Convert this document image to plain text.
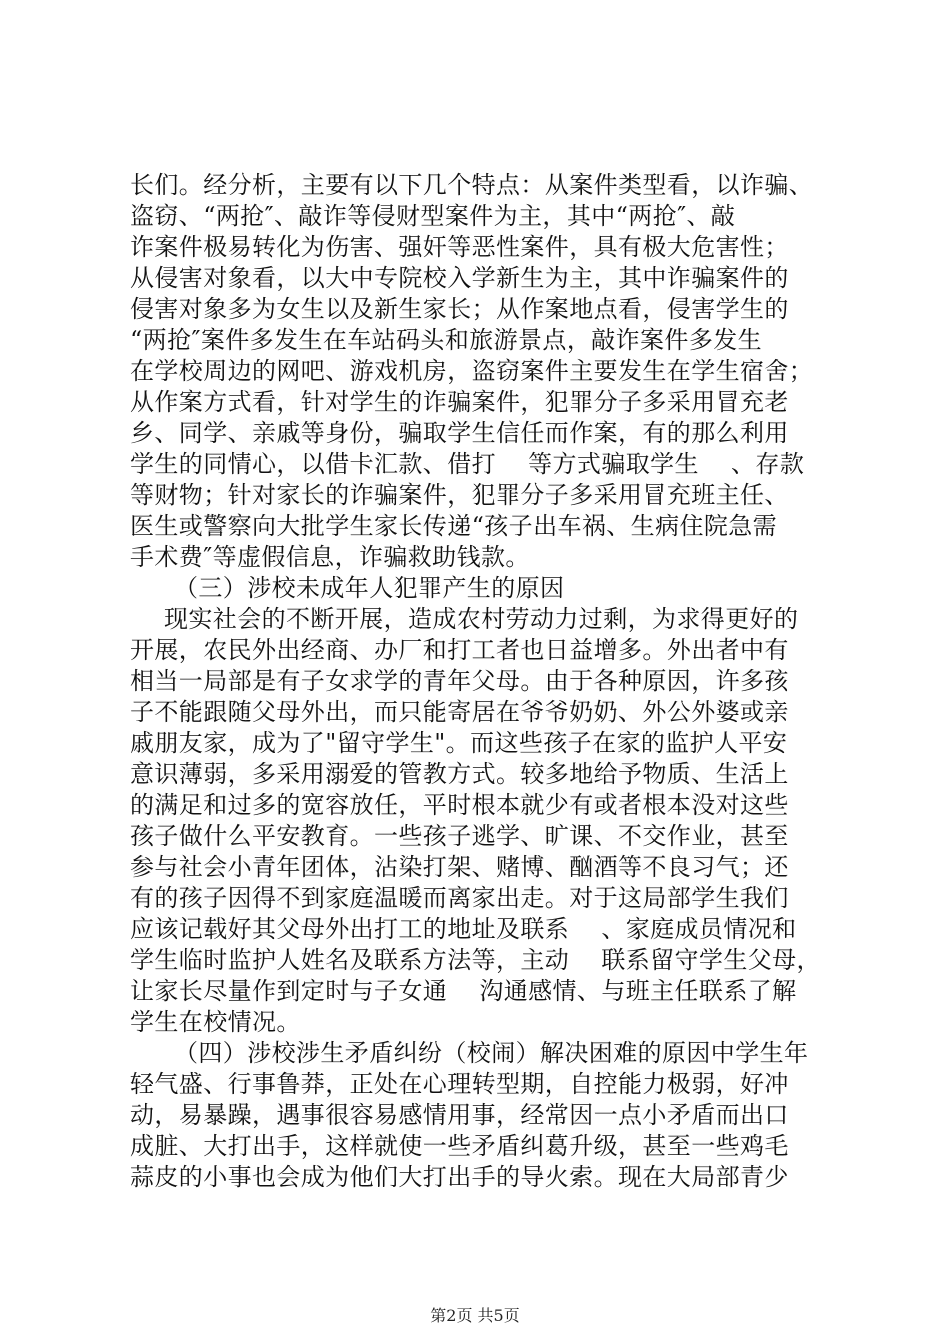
长们。经分析，主要有以下几个特点：从案件类型看，以诈骗、
盗窃、“两抢″、敲诈等侵财型案件为主，其中“两抢″、敲
诈案件极易转化为伤害、强奸等恶性案件，具有极大危害性；
从侵害对象看，以大中专院校入学新生为主，其中诈骗案件的
侵害对象多为女生以及新生家长；从作案地点看，侵害学生的
“两抢″案件多发生在车站码头和旅游景点，敲诈案件多发生
在学校周边的网吧、游戏机房，盗窃案件主要发生在学生宿舍；
从作案方式看，针对学生的诈骗案件，犯罪分子多采用冒充老
乡、同学、亲戚等身份，骗取学生信任而作案，有的那么利用
学生的同情心，以借卡汇款、借打    等方式骗取学生    、存款
等财物；针对家长的诈骗案件，犯罪分子多采用冒充班主任、
医生或警察向大批学生家长传递“孩子出车祸、生病住院急需
手术费″等虚假信息，诈骗救助钱款。
（三）涉校未成年人犯罪产生的原因
现实社会的不断开展，造成农村劳动力过剩，为求得更好的
开展，农民外出经商、办厂和打工者也日益增多。外出者中有
相当一局部是有子女求学的青年父母。由于各种原因，许多孩
子不能跟随父母外出，而只能寄居在爷爷奶奶、外公外婆或亲
戚朋友家，成为了"留守学生"。而这些孩子在家的监护人平安
意识薄弱，多采用溺爱的管教方式。较多地给予物质、生活上
的满足和过多的宽容放任，平时根本就少有或者根本没对这些
孩子做什么平安教育。一些孩子逃学、旷课、不交作业，甚至
参与社会小青年团体，沾染打架、赌博、酗酒等不良习气；还
有的孩子因得不到家庭温暖而离家出走。对于这局部学生我们
应该记载好其父母外出打工的地址及联系    、家庭成员情况和
学生临时监护人姓名及联系方法等，主动    联系留守学生父母，
让家长尽量作到定时与子女通    沟通感情、与班主任联系了解
学生在校情况。
（四）涉校涉生矛盾纠纷（校闹）解决困难的原因中学生年
轻气盛、行事鲁莽，正处在心理转型期，自控能力极弱，好冲
动，易暴躁，遇事很容易感情用事，经常因一点小矛盾而出口
成脏、大打出手，这样就使一些矛盾纠葛升级，甚至一些鸡毛
蒜皮的小事也会成为他们大打出手的导火索。现在大局部青少
第2页 共5页
